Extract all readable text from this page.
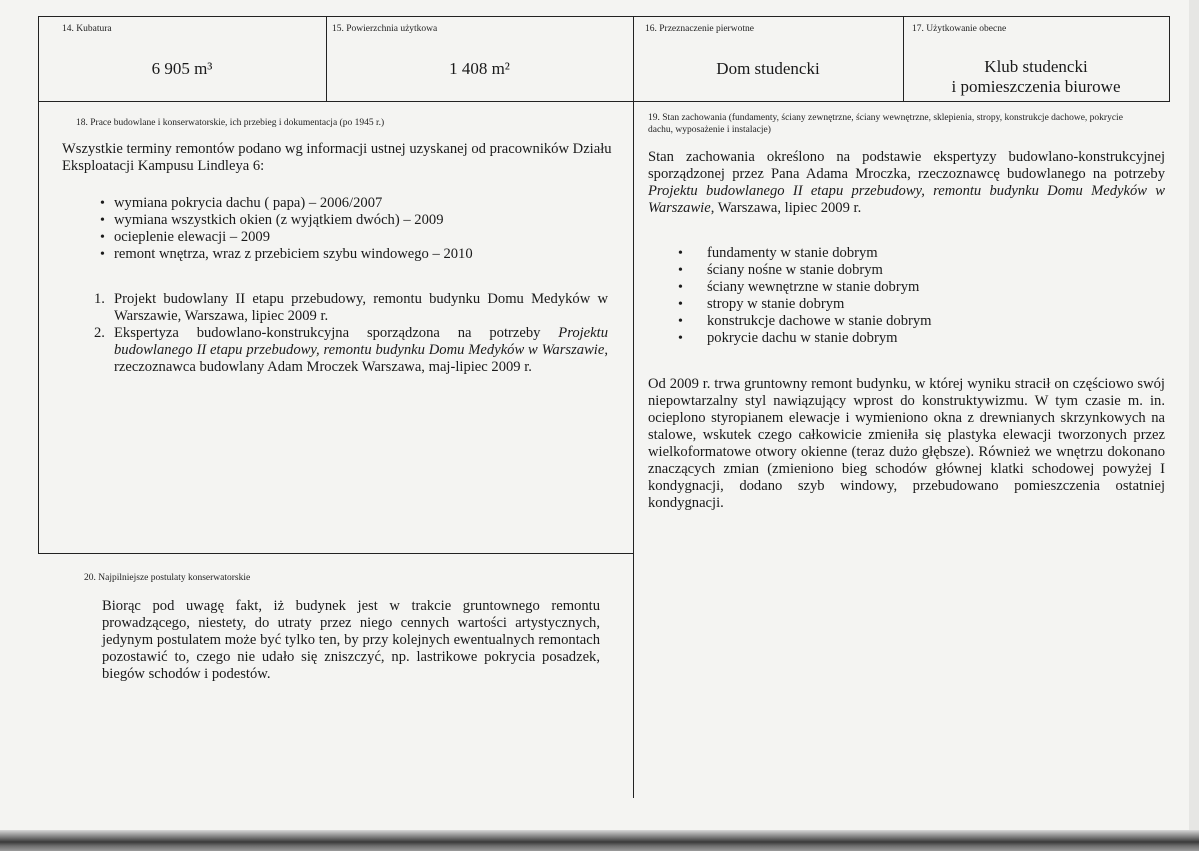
14. Kubatura
6 905 m³
15. Powierzchnia użytkowa
1 408 m²
16. Przeznaczenie pierwotne
Dom studencki
17. Użytkowanie obecne
Klub studencki
i pomieszczenia biurowe
18. Prace budowlane i konserwatorskie, ich przebieg i dokumentacja (po 1945 r.)
Wszystkie terminy remontów podano wg informacji ustnej uzyskanej od pracowników Działu Eksploatacji Kampusu Lindleya 6:
• wymiana pokrycia dachu ( papa) – 2006/2007
• wymiana wszystkich okien (z wyjątkiem dwóch) – 2009
• ocieplenie elewacji – 2009
• remont wnętrza, wraz z przebiciem szybu windowego – 2010
1. Projekt budowlany II etapu przebudowy, remontu budynku Domu Medyków w Warszawie, Warszawa, lipiec 2009 r.
2. Ekspertyza budowlano-konstrukcyjna sporządzona na potrzeby Projektu budowlanego II etapu przebudowy, remontu budynku Domu Medyków w Warszawie, rzeczoznawca budowlany Adam Mroczek Warszawa, maj-lipiec 2009 r.
19. Stan zachowania (fundamenty, ściany zewnętrzne, ściany wewnętrzne, sklepienia, stropy, konstrukcje dachowe, pokrycie dachu, wyposażenie i instalacje)
Stan zachowania określono na podstawie ekspertyzy budowlano-konstrukcyjnej sporządzonej przez Pana Adama Mroczka, rzeczoznawcę budowlanego na potrzeby Projektu budowlanego II etapu przebudowy, remontu budynku Domu Medyków w Warszawie, Warszawa, lipiec 2009 r.
• fundamenty w stanie dobrym
• ściany nośne w stanie dobrym
• ściany wewnętrzne w stanie dobrym
• stropy w stanie dobrym
• konstrukcje dachowe w stanie dobrym
• pokrycie dachu w stanie dobrym
Od 2009 r. trwa gruntowny remont budynku, w której wyniku stracił on częściowo swój niepowtarzalny styl nawiązujący wprost do konstruktywizmu. W tym czasie m. in. ocieplono styropianem elewacje i wymieniono okna z drewnianych skrzynkowych na stalowe, wskutek czego całkowicie zmieniła się plastyka elewacji tworzonych przez wielkoformatowe otwory okienne (teraz dużo głębsze). Również we wnętrzu dokonano znaczących zmian (zmieniono bieg schodów głównej klatki schodowej powyżej I kondygnacji, dodano szyb windowy, przebudowano pomieszczenia ostatniej kondygnacji.
20. Najpilniejsze postulaty konserwatorskie
Biorąc pod uwagę fakt, iż budynek jest w trakcie gruntownego remontu prowadzącego, niestety, do utraty przez niego cennych wartości artystycznych, jedynym postulatem może być tylko ten, by przy kolejnych ewentualnych remontach pozostawić to, czego nie udało się zniszczyć, np. lastrikowe pokrycia posadzek, biegów schodów i podestów.
